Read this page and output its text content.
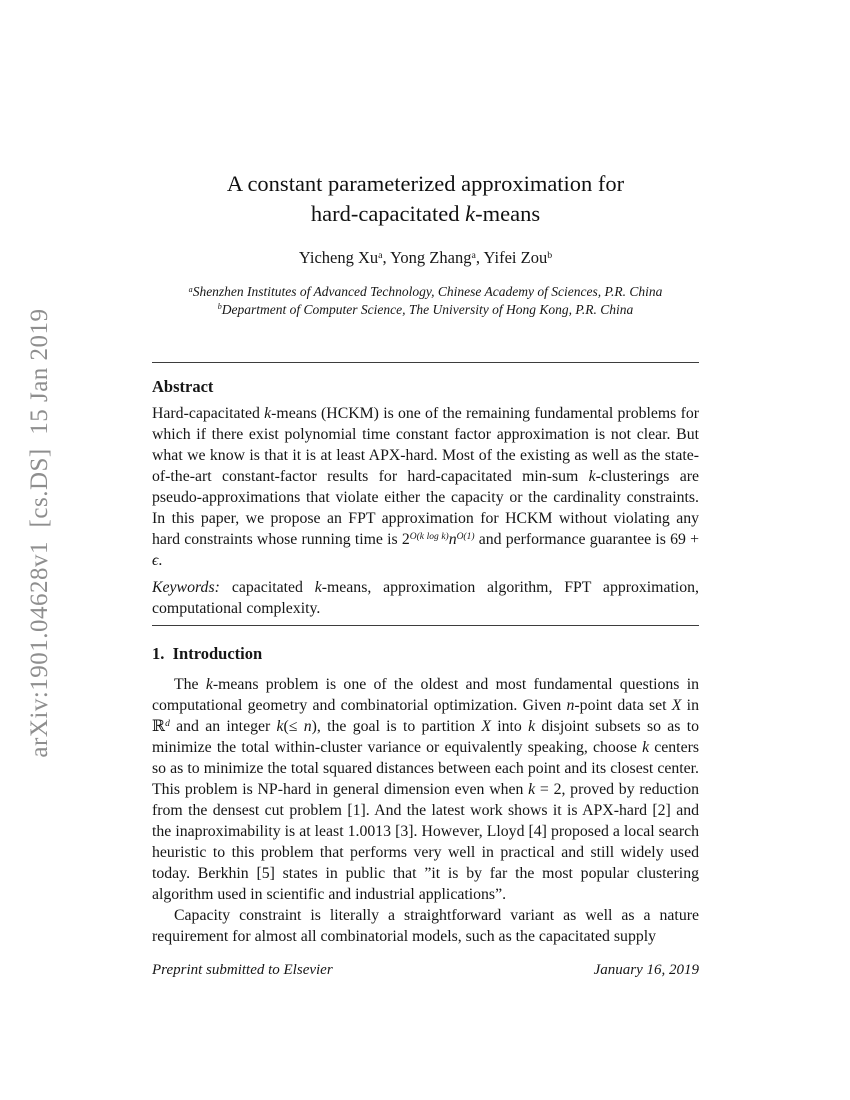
arXiv:1901.04628v1  [cs.DS]  15 Jan 2019
A constant parameterized approximation for
hard-capacitated k-means
Yicheng Xu$^a$, Yong Zhang$^a$, Yifei Zou$^b$
$^a$Shenzhen Institutes of Advanced Technology, Chinese Academy of Sciences, P.R. China
$^b$Department of Computer Science, The University of Hong Kong, P.R. China
Abstract

Hard-capacitated k-means (HCKM) is one of the remaining fundamental problems for which if there exist polynomial time constant factor approximation is not clear. But what we know is that it is at least APX-hard. Most of the existing as well as the state-of-the-art constant-factor results for hard-capacitated min-sum k-clusterings are pseudo-approximations that violate either the capacity or the cardinality constraints. In this paper, we propose an FPT approximation for HCKM without violating any hard constraints whose running time is $2^{O(k log k)}n^{O(1)}$ and performance guarantee is 69 + ϵ.

Keywords: capacitated k-means, approximation algorithm, FPT approximation, computational complexity.

1.  Introduction

The k-means problem is one of the oldest and most fundamental questions in computational geometry and combinatorial optimization. Given n-point data set X in ℝ$^d$ and an integer k(≤ n), the goal is to partition X into k disjoint subsets so as to minimize the total within-cluster variance or equivalently speaking, choose k centers so as to minimize the total squared distances between each point and its closest center. This problem is NP-hard in general dimension even when k = 2, proved by reduction from the densest cut problem [1]. And the latest work shows it is APX-hard [2] and the inaproximability is at least 1.0013 [3]. However, Lloyd [4] proposed a local search heuristic to this problem that performs very well in practical and still widely used today. Berkhin [5] states in public that ”it is by far the most popular clustering algorithm used in scientific and industrial applications”.

Capacity constraint is literally a straightforward variant as well as a nature requirement for almost all combinatorial models, such as the capacitated supply

Preprint submitted to Elsevier	January 16, 2019
